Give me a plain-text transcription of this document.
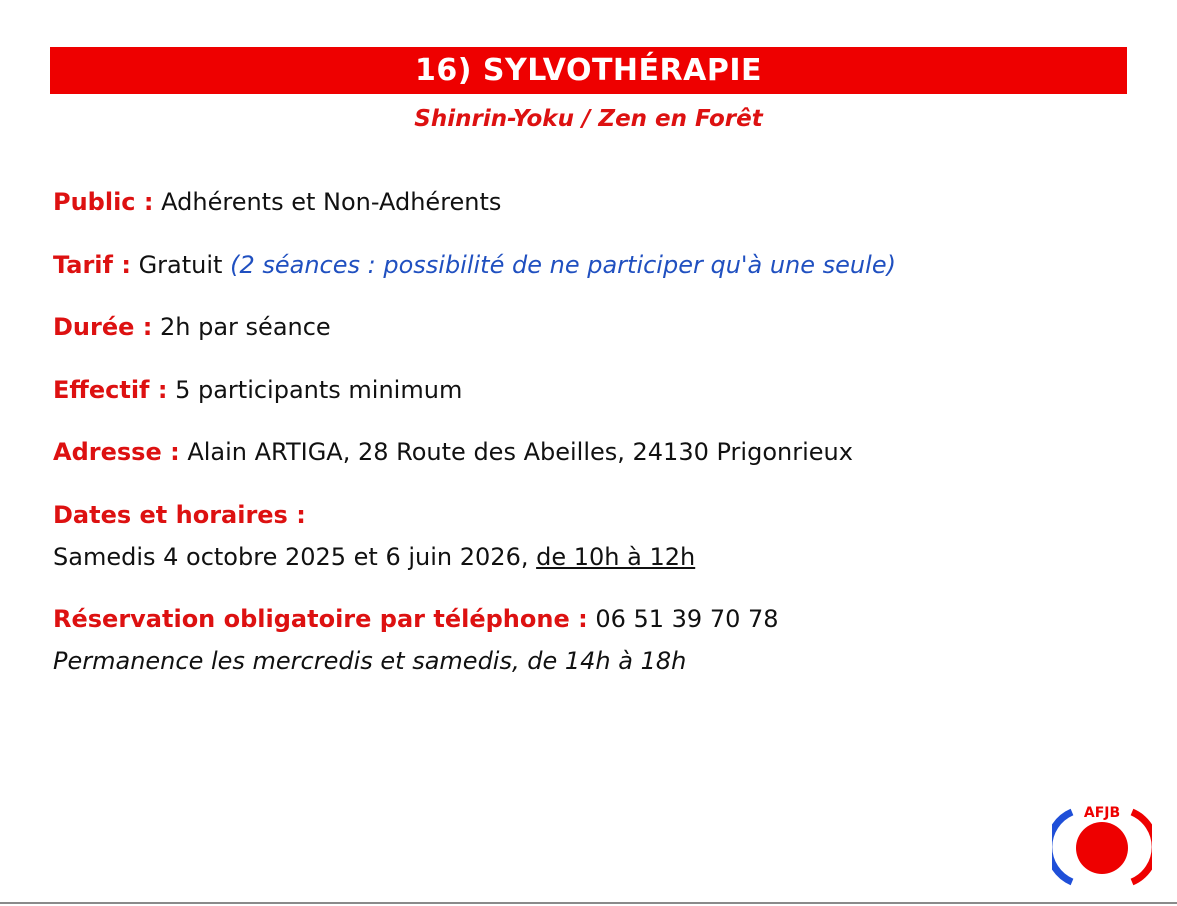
16) SYLVOTHÉRAPIE
Shinrin-Yoku / Zen en Forêt
Public : Adhérents et Non-Adhérents
Tarif : Gratuit (2 séances : possibilité de ne participer qu'à une seule)
Durée : 2h par séance
Effectif : 5 participants minimum
Adresse : Alain ARTIGA, 28 Route des Abeilles, 24130 Prigonrieux
Dates et horaires :
Samedis 4 octobre 2025 et 6 juin 2026, de 10h à 12h
Réservation obligatoire par téléphone : 06 51 39 70 78
Permanence les mercredis et samedis, de 14h à 18h
AFJB
